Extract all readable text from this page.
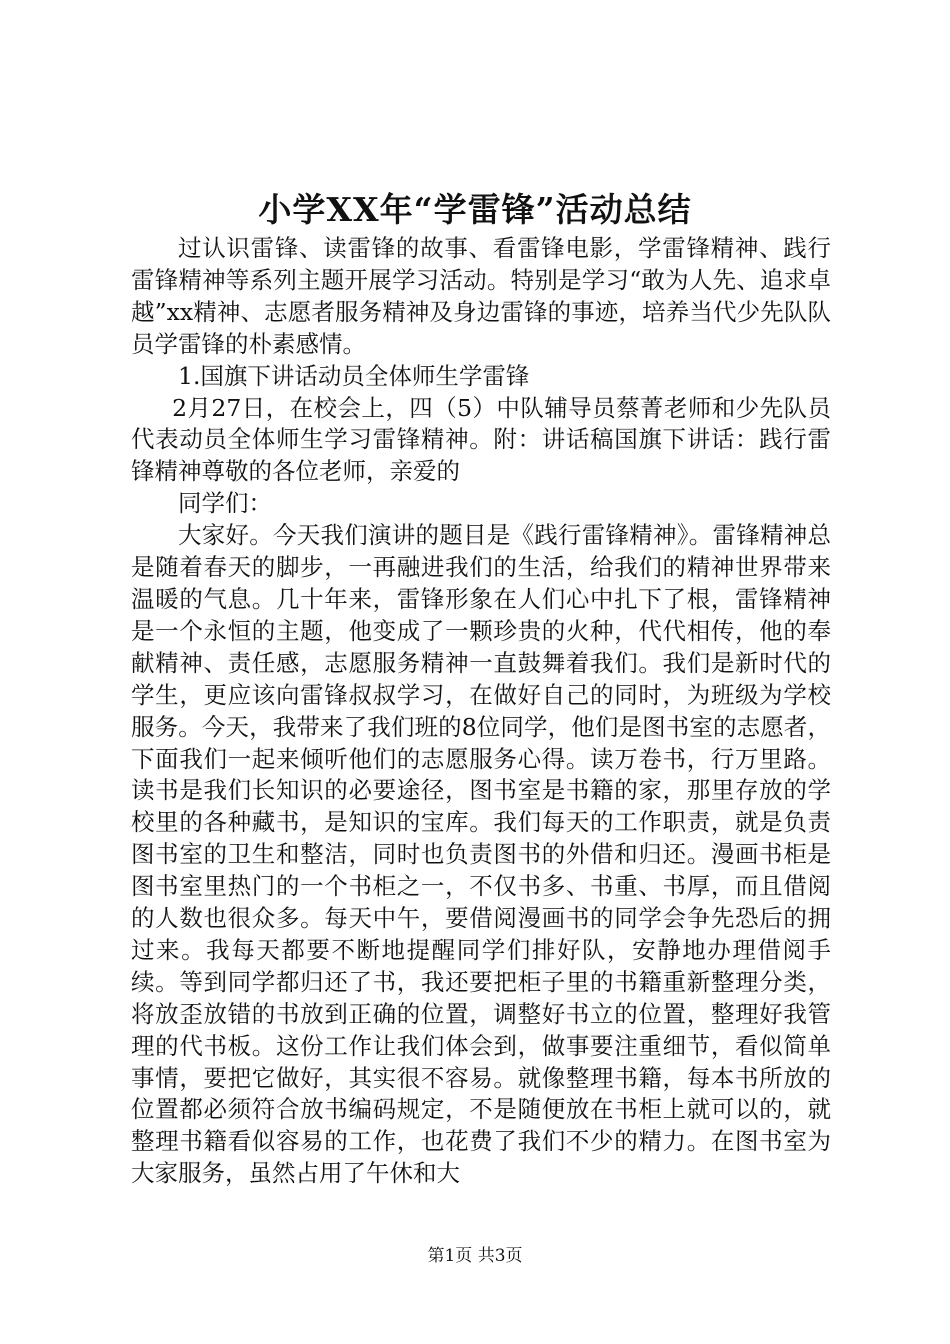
小学XX年“学雷锋”活动总结

过认识雷锋、读雷锋的故事、看雷锋电影，学雷锋精神、践行雷锋精神等系列主题开展学习活动。特别是学习“敢为人先、追求卓越”xx精神、志愿者服务精神及身边雷锋的事迹，培养当代少先队队员学雷锋的朴素感情。

1.国旗下讲话动员全体师生学雷锋

2月27日，在校会上，四（5）中队辅导员蔡菁老师和少先队员代表动员全体师生学习雷锋精神。附：讲话稿国旗下讲话：践行雷锋精神尊敬的各位老师，亲爱的

同学们：

大家好。今天我们演讲的题目是《践行雷锋精神》。雷锋精神总是随着春天的脚步，一再融进我们的生活，给我们的精神世界带来温暖的气息。几十年来，雷锋形象在人们心中扎下了根，雷锋精神是一个永恒的主题，他变成了一颗珍贵的火种，代代相传，他的奉献精神、责任感，志愿服务精神一直鼓舞着我们。我们是新时代的学生，更应该向雷锋叔叔学习，在做好自己的同时，为班级为学校服务。今天，我带来了我们班的8位同学，他们是图书室的志愿者，下面我们一起来倾听他们的志愿服务心得。读万卷书，行万里路。读书是我们长知识的必要途径，图书室是书籍的家，那里存放的学校里的各种藏书，是知识的宝库。我们每天的工作职责，就是负责图书室的卫生和整洁，同时也负责图书的外借和归还。漫画书柜是图书室里热门的一个书柜之一，不仅书多、书重、书厚，而且借阅的人数也很众多。每天中午，要借阅漫画书的同学会争先恐后的拥过来。我每天都要不断地提醒同学们排好队，安静地办理借阅手续。等到同学都归还了书，我还要把柜子里的书籍重新整理分类，将放歪放错的书放到正确的位置，调整好书立的位置，整理好我管理的代书板。这份工作让我们体会到，做事要注重细节，看似简单事情，要把它做好，其实很不容易。就像整理书籍，每本书所放的位置都必须符合放书编码规定，不是随便放在书柜上就可以的，就整理书籍看似容易的工作，也花费了我们不少的精力。在图书室为大家服务，虽然占用了午休和大

第1页 共3页
